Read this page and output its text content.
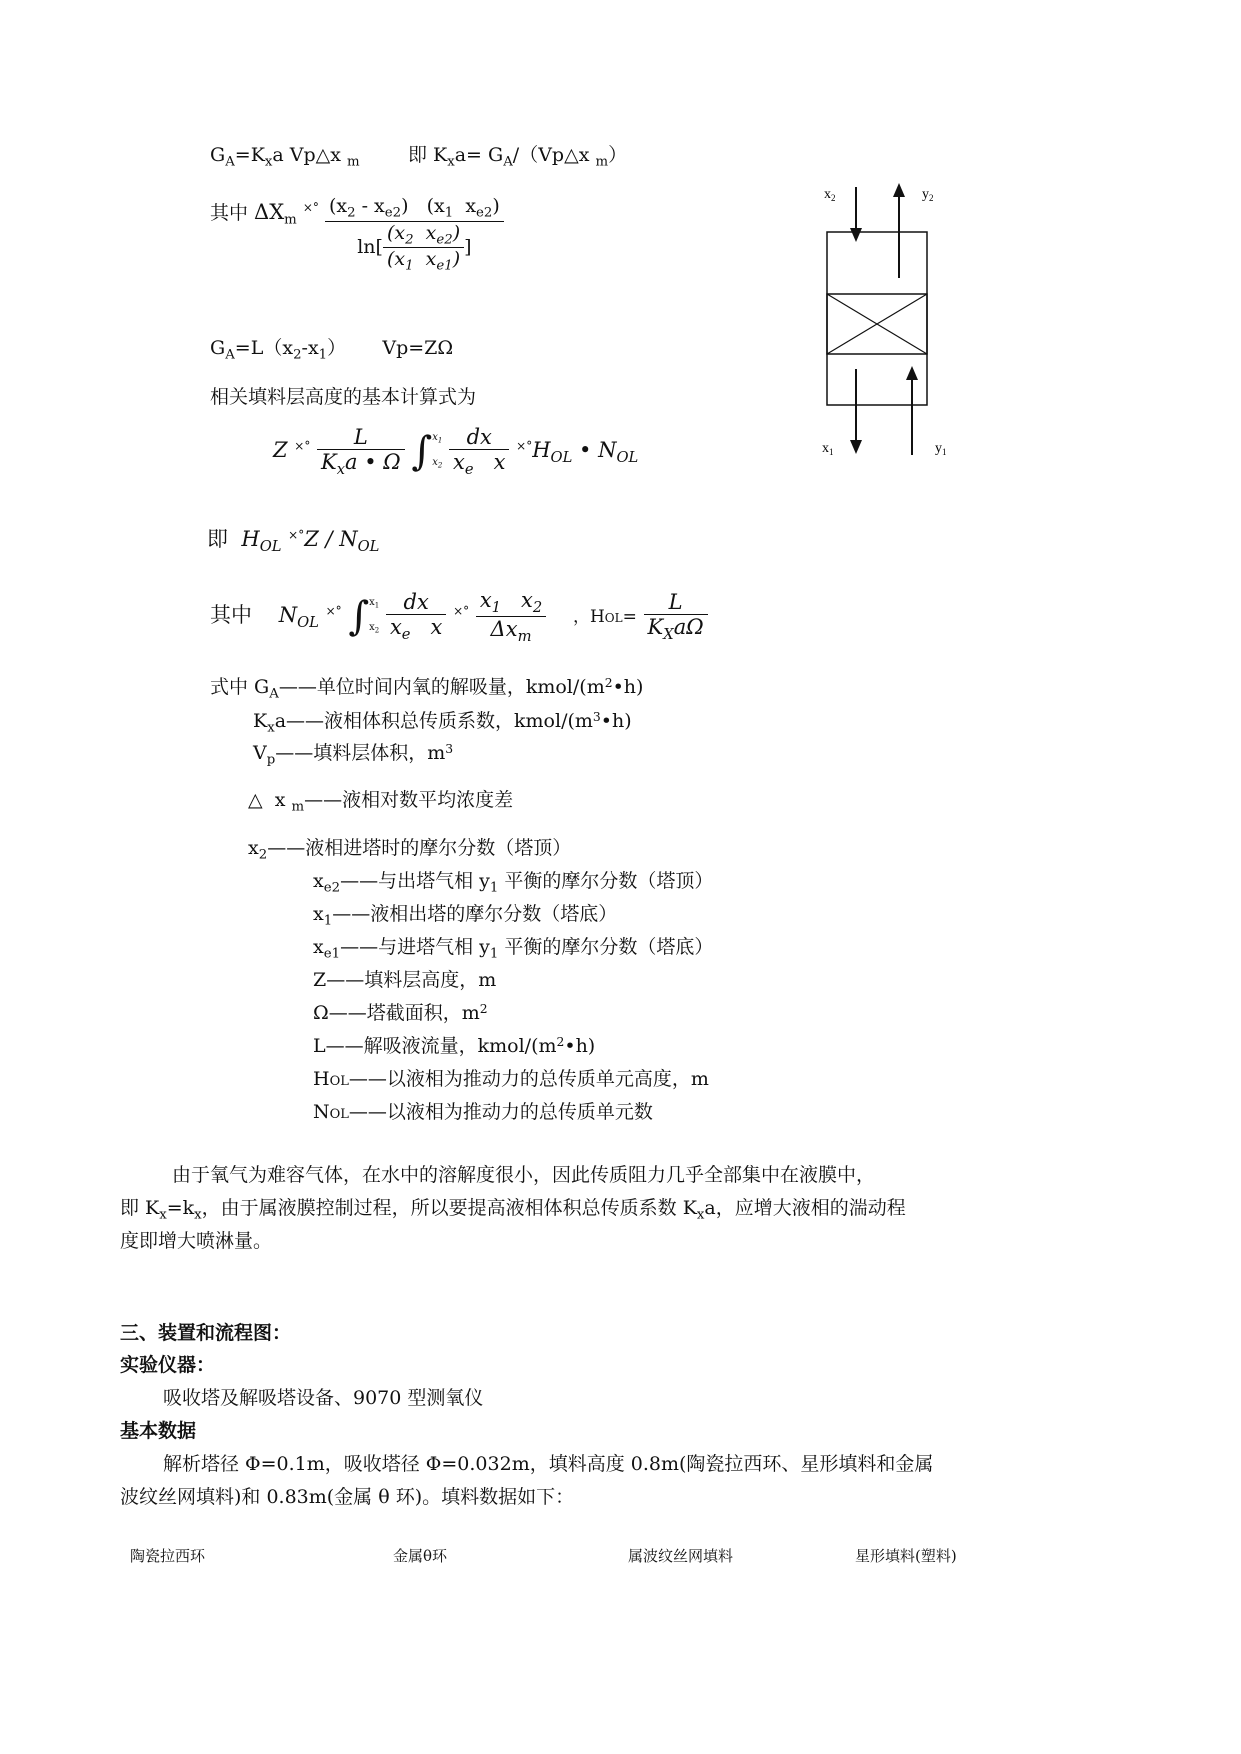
$G_A=K_xa$ Vp△x $_m$        即 $K_xa=$ $G_A/(Vp\triangle x$ $_m$）
其中 $\Delta X_m$ $^{\times^\circ} \frac{(x_2 - x_{e2}) (x_1 x_{e2})}{\ln[ \frac{(x_2 x_{e2})}{(x_1 x_{e1})} ]}$
$G_A=L(x_2-x_1)$      Vp=ZΩ
相关填料层高度的基本计算式为
Z $^{\times^\circ} \frac{L}{K_xa • \Omega}$ ∫ $x_1$
$x_2$
$\frac{dx}{x_e x} ^{\times^\circ}H_{OL}$ • $N_{OL}$
即  $H_{OL}$ $^{\times^\circ}Z / N_{OL}$
其中    $N_{OL}$ ×° ∫ $x_1$
$x_2$
$\frac{dx}{x_e x} ^{\times^\circ} \frac{x_1 x_2}{\Delta x_m}$ ，$HOL= \frac{L}{K_Xa\Omega}$
式中 $G_A——$单位时间内氧的解吸量，kmol/$(m^2•h)$
$K_xa——$液相体积总传质系数，kmol/$(m^3•h)$
$V_p——$填料层体积，$m^3$
△  x $_m$——液相对数平均浓度差
$x_2——$液相进塔时的摩尔分数（塔顶）
$x_{e2}——$与出塔气相 $y_1$ 平衡的摩尔分数（塔顶）
$x_1——$液相出塔的摩尔分数（塔底）
$x_{e1}——$与进塔气相 $y_1$ 平衡的摩尔分数（塔底）
Z——填料层高度，m
Ω——塔截面积，$m^2$
L——解吸液流量，kmol/$(m^2•h)$
HOL——以液相为推动力的总传质单元高度，m
NOL——以液相为推动力的总传质单元数
由于氧气为难容气体，在水中的溶解度很小，因此传质阻力几乎全部集中在液膜中，
即 $K_x=k_x$，由于属液膜控制过程，所以要提高液相体积总传质系数 $K_xa$，应增大液相的湍动程
度即增大喷淋量。
三、装置和流程图：
实验仪器：
吸收塔及解吸塔设备、9070 型测氧仪
基本数据
解析塔径 Φ=0.1m，吸收塔径 Φ=0.032m，填料高度 0.8m(陶瓷拉西环、星形填料和金属
波纹丝网填料)和 0.83m(金属 θ 环)。填料数据如下：
陶瓷拉西环	金属θ环	属波纹丝网填料	星形填料(塑料)
$x_2$	$y_2$
$x_1$	$y_1$
